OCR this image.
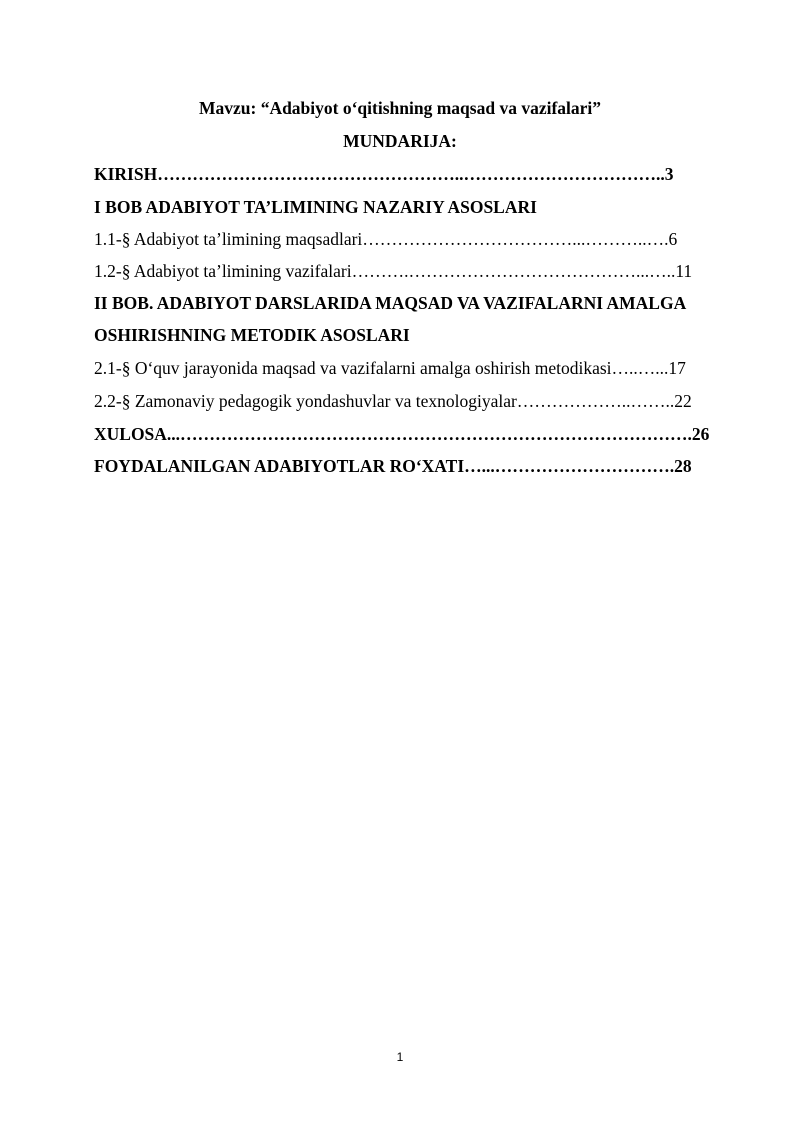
Mavzu: “Adabiyot o‘qitishning maqsad va vazifalari”
MUNDARIJA:
KIRISH……………………………………………..……………………………..3
I BOB ADABIYOT TA’LIMINING NAZARIY ASOSLARI
1.1-§ Adabiyot ta’limining maqsadlari………………………………...………..….6
1.2-§ Adabiyot ta’limining vazifalari……….…………………………………...…..11
II BOB. ADABIYOT DARSLARIDA MAQSAD VA VAZIFALARNI AMALGA
OSHIRISHNING METODIK ASOSLARI
2.1-§ O‘quv jarayonida maqsad va vazifalarni amalga oshirish metodikasi…..…...17
2.2-§ Zamonaviy pedagogik yondashuvlar va texnologiyalar………………..……..22
XULOSA...…………………………………………………………………………….26
FOYDALANILGAN ADABIYOTLAR RO‘XATI…...………………………….28
1
